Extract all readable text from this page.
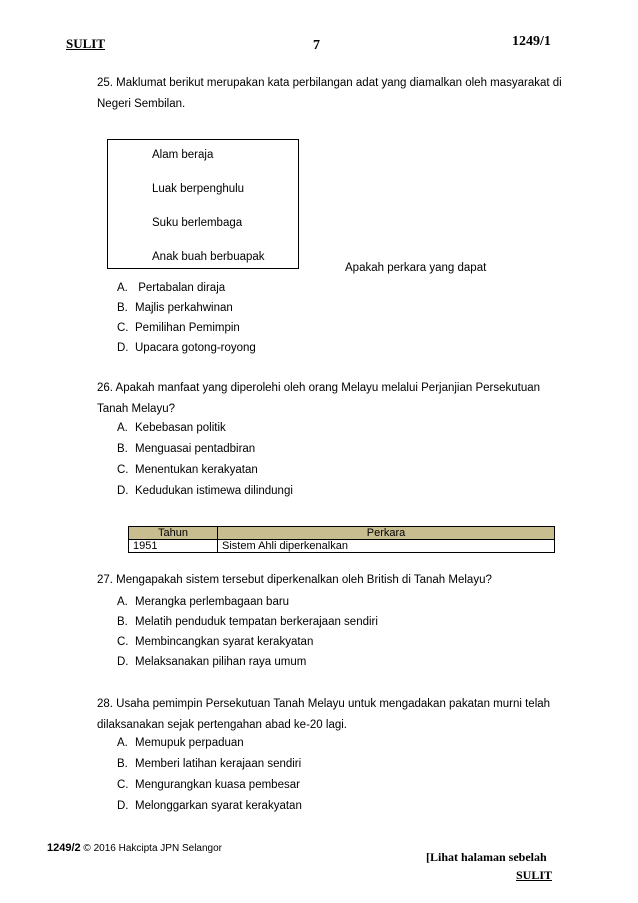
SULIT	7	1249/1
25. Maklumat berikut merupakan kata perbilangan adat yang diamalkan oleh masyarakat di Negeri Sembilan.
Alam beraja
Luak berpenghulu
Suku berlembaga
Anak buah berbuapak
Apakah perkara yang dapat
A. Pertabalan diraja
B. Majlis perkahwinan
C. Pemilihan Pemimpin
D. Upacara gotong-royong
26. Apakah manfaat yang diperolehi oleh orang Melayu melalui Perjanjian Persekutuan Tanah Melayu?
A. Kebebasan politik
B. Menguasai pentadbiran
C. Menentukan kerakyatan
D. Kedudukan istimewa dilindungi
Tahun	Perkara
1951	Sistem Ahli diperkenalkan
27. Mengapakah sistem tersebut diperkenalkan oleh British di Tanah Melayu?
A. Merangka perlembagaan baru
B. Melatih penduduk tempatan berkerajaan sendiri
C. Membincangkan syarat kerakyatan
D. Melaksanakan pilihan raya umum
28. Usaha pemimpin Persekutuan Tanah Melayu untuk mengadakan pakatan murni telah dilaksanakan sejak pertengahan abad ke-20 lagi.
A. Memupuk perpaduan
B. Memberi latihan kerajaan sendiri
C. Mengurangkan kuasa pembesar
D. Melonggarkan syarat kerakyatan
1249/2 © 2016 Hakcipta JPN Selangor
[Lihat halaman sebelah
SULIT
